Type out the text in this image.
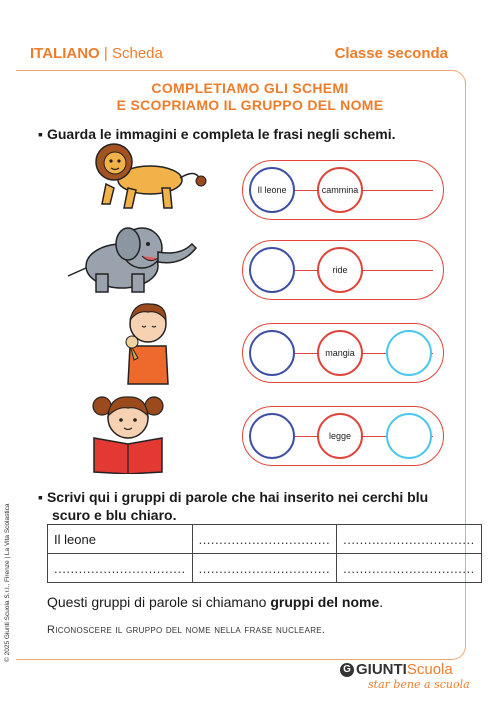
ITALIANO | Scheda	Classe seconda
COMPLETIAMO GLI SCHEMI
E SCOPRIAMO IL GRUPPO DEL NOME
▪ Guarda le immagini e completa le frasi negli schemi.
Il leone	cammina
ride
mangia
legge
▪ Scrivi qui i gruppi di parole che hai inserito nei cerchi blu
scuro e blu chiaro.
Il leone	................................	................................
................................	................................	................................
Questi gruppi di parole si chiamano gruppi del nome.
Riconoscere il gruppo del nome nella frase nucleare.
© 2025 Giunti Scuola S.r.l., Firenze | La Vita Scolastica
G GIUNTI Scuola
star bene a scuola
